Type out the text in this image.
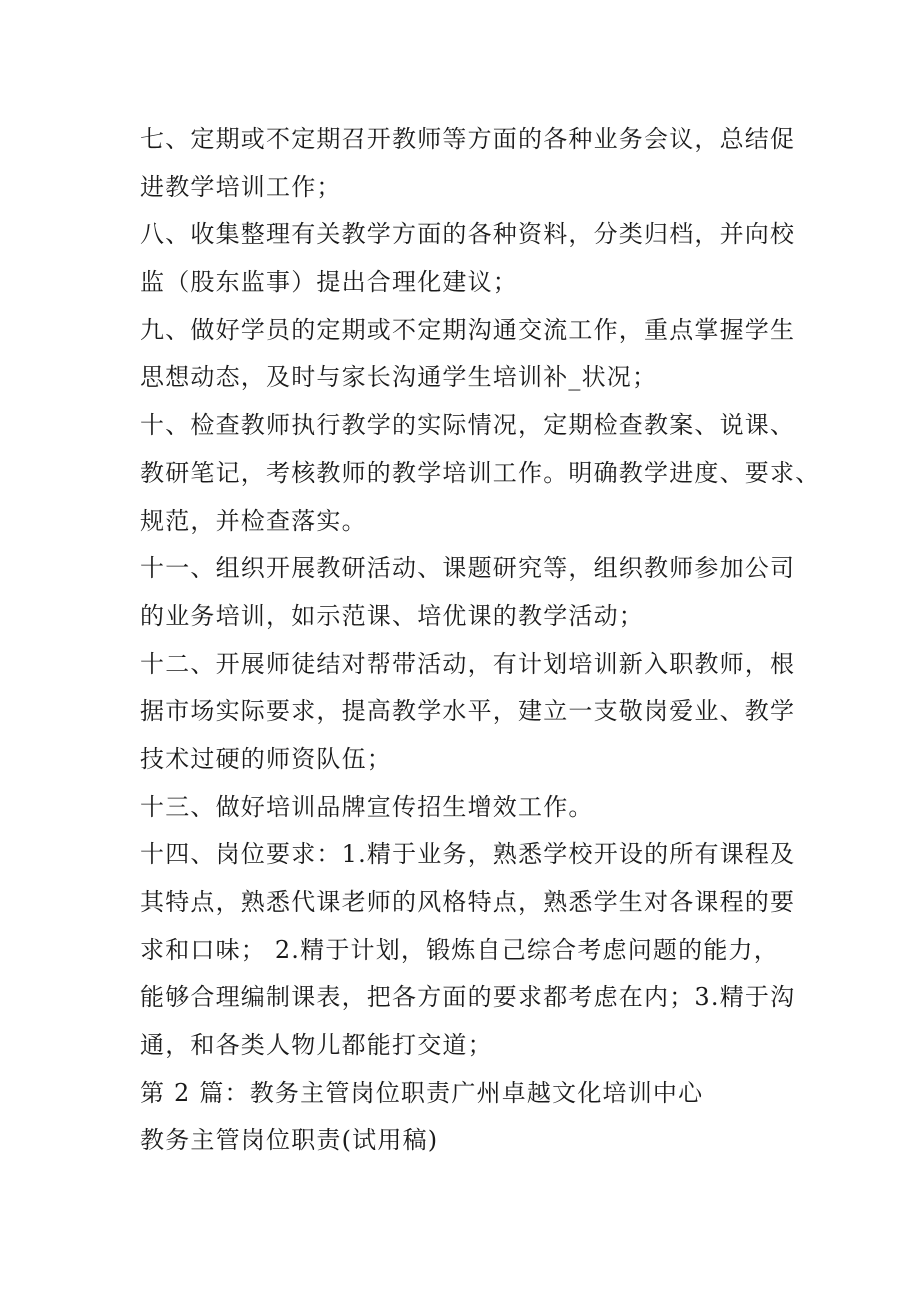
七、定期或不定期召开教师等方面的各种业务会议，总结促
进教学培训工作；
八、收集整理有关教学方面的各种资料，分类归档，并向校
监（股东监事）提出合理化建议；
九、做好学员的定期或不定期沟通交流工作，重点掌握学生
思想动态，及时与家长沟通学生培训补_状况；
十、检查教师执行教学的实际情况，定期检查教案、说课、
教研笔记，考核教师的教学培训工作。明确教学进度、要求、
规范，并检查落实。
十一、组织开展教研活动、课题研究等，组织教师参加公司
的业务培训，如示范课、培优课的教学活动；
十二、开展师徒结对帮带活动，有计划培训新入职教师，根
据市场实际要求，提高教学水平，建立一支敬岗爱业、教学
技术过硬的师资队伍；
十三、做好培训品牌宣传招生增效工作。
十四、岗位要求：1.精于业务，熟悉学校开设的所有课程及
其特点，熟悉代课老师的风格特点，熟悉学生对各课程的要
求和口味； 2.精于计划，锻炼自己综合考虑问题的能力，
能够合理编制课表，把各方面的要求都考虑在内；3.精于沟
通，和各类人物儿都能打交道；
第 2 篇：教务主管岗位职责广州卓越文化培训中心
教务主管岗位职责(试用稿)
